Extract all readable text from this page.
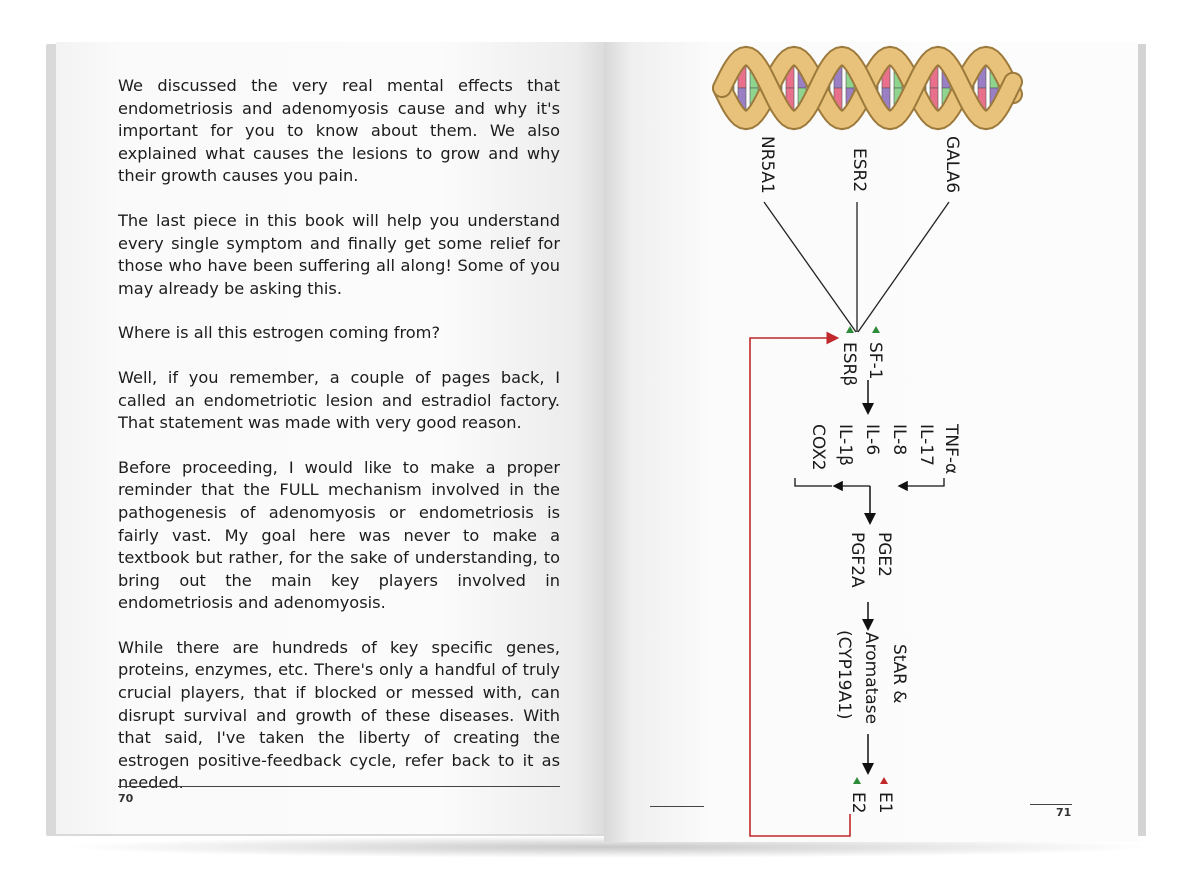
We discussed the very real mental effects that endometriosis and adenomyosis cause and why it's important for you to know about them. We also explained what causes the lesions to grow and why their growth causes you pain.

The last piece in this book will help you understand every single symptom and finally get some relief for those who have been suffering all along! Some of you may already be asking this.

Where is all this estrogen coming from?

Well, if you remember, a couple of pages back, I called an endometriotic lesion and estradiol factory. That statement was made with very good reason.

Before proceeding, I would like to make a proper reminder that the FULL mechanism involved in the pathogenesis of adenomyosis or endometriosis is fairly vast. My goal here was never to make a textbook but rather, for the sake of understanding, to bring out the main key players involved in endometriosis and adenomyosis.

While there are hundreds of key specific genes, proteins, enzymes, etc. There's only a handful of truly crucial players, that if blocked or messed with, can disrupt survival and growth of these diseases. With that said, I've taken the liberty of creating the estrogen positive-feedback cycle, refer back to it as needed.

70
71
NR5A1	ESR2	GALA6
SF-1
ESRβ
TNF-α
IL-17
IL-8
IL-6
IL-1β
COX2
PGE2
PGF2A
StAR &
Aromatase
(CYP19A1)
E1
E2
